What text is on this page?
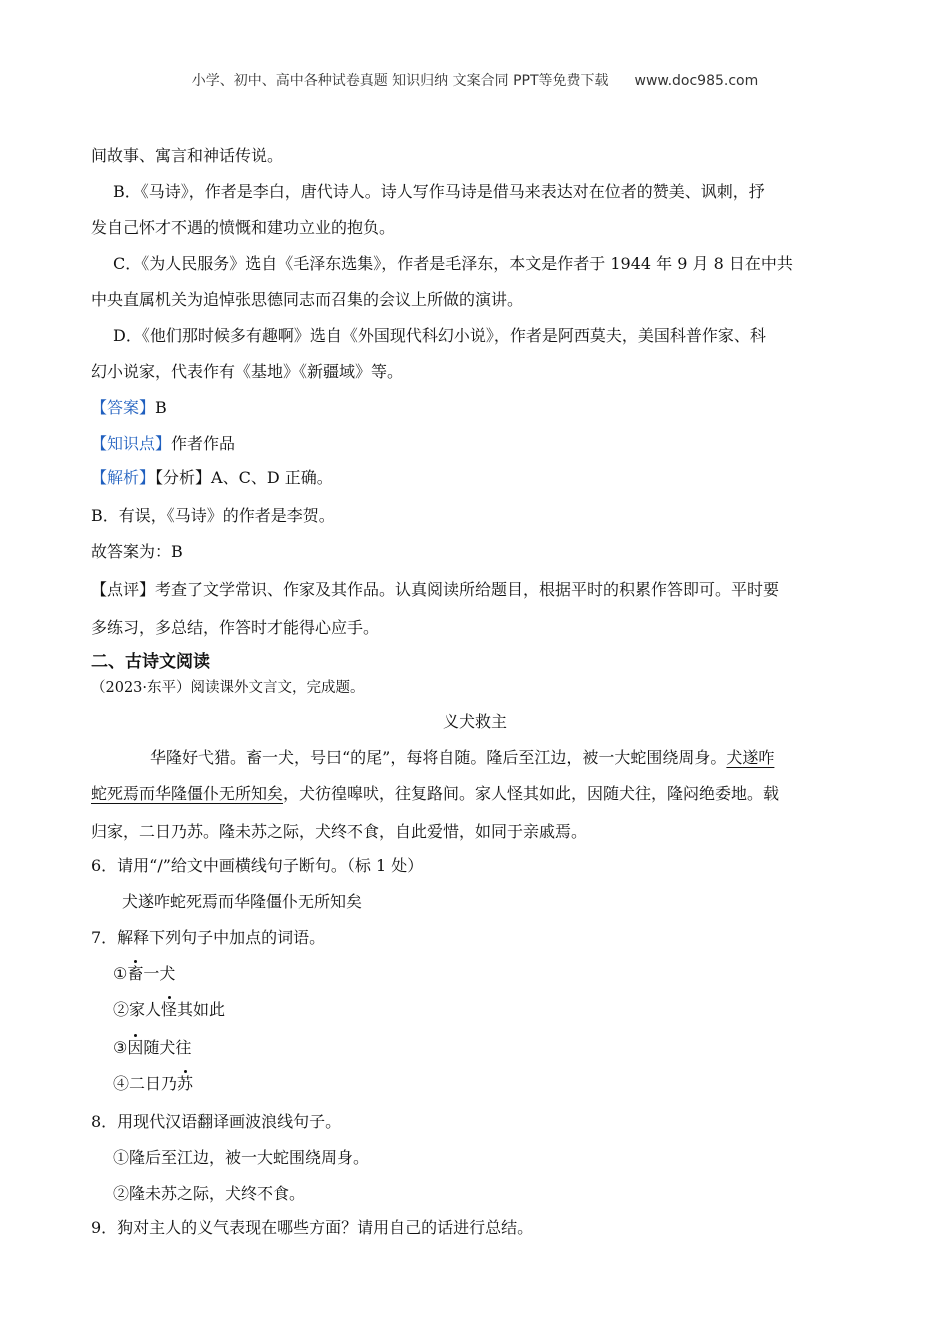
小学、初中、高中各种试卷真题 知识归纳 文案合同 PPT等免费下载 www.doc985.com
间故事、寓言和神话传说。
B．《马诗》，作者是李白，唐代诗人。诗人写作马诗是借马来表达对在位者的赞美、讽刺，抒
发自己怀才不遇的愤慨和建功立业的抱负。
C．《为人民服务》选自《毛泽东选集》，作者是毛泽东，本文是作者于 1944 年 9 月 8 日在中共
中央直属机关为追悼张思德同志而召集的会议上所做的演讲。
D．《他们那时候多有趣啊》选自《外国现代科幻小说》，作者是阿西莫夫，美国科普作家、科
幻小说家，代表作有《基地》《新疆域》等。
【答案】B
【知识点】作者作品
【解析】【分析】A、C、D 正确。
B．有误，《马诗》的作者是李贺。
故答案为：B
【点评】考查了文学常识、作家及其作品。认真阅读所给题目，根据平时的积累作答即可。平时要
多练习，多总结，作答时才能得心应手。
二、古诗文阅读
（2023·东平）阅读课外文言文，完成题。
义犬救主
华隆好弋猎。畜一犬，号曰“的尾”，每将自随。隆后至江边，被一大蛇围绕周身。犬遂咋
蛇死焉而华隆僵仆无所知矣，犬彷徨嗥吠，往复路间。家人怪其如此，因随犬往，隆闷绝委地。载
归家，二日乃苏。隆未苏之际，犬终不食，自此爱惜，如同于亲戚焉。
6．请用“/”给文中画横线句子断句。（标 1 处）
犬遂咋蛇死焉而华隆僵仆无所知矣
7．解释下列句子中加点的词语。
①畜一犬
②家人怪其如此
③因随犬往
④二日乃苏
8．用现代汉语翻译画波浪线句子。
①隆后至江边，被一大蛇围绕周身。
②隆未苏之际，犬终不食。
9．狗对主人的义气表现在哪些方面？请用自己的话进行总结。
